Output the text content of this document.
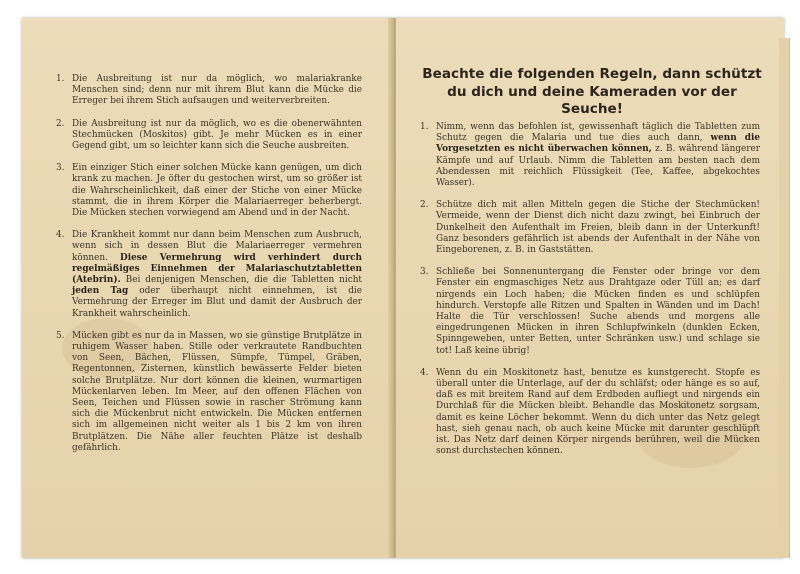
1. Die Ausbreitung ist nur da möglich, wo malariakranke Menschen sind; denn nur mit ihrem Blut kann die Mücke die Erreger bei ihrem Stich aufsaugen und weiterverbreiten.
2. Die Ausbreitung ist nur da möglich, wo es die obenerwähnten Stechmücken (Moskitos) gibt. Je mehr Mücken es in einer Gegend gibt, um so leichter kann sich die Seuche ausbreiten.
3. Ein einziger Stich einer solchen Mücke kann genügen, um dich krank zu machen. Je öfter du gestochen wirst, um so größer ist die Wahrscheinlichkeit, daß einer der Stiche von einer Mücke stammt, die in ihrem Körper die Malariaerreger beherbergt. Die Mücken stechen vorwiegend am Abend und in der Nacht.
4. Die Krankheit kommt nur dann beim Menschen zum Ausbruch, wenn sich in dessen Blut die Malariaerreger vermehren können. Diese Vermehrung wird verhindert durch regelmäßiges Einnehmen der Malariaschutztabletten (Atebrin). Bei denjenigen Menschen, die die Tabletten nicht jeden Tag oder überhaupt nicht einnehmen, ist die Vermehrung der Erreger im Blut und damit der Ausbruch der Krankheit wahrscheinlich.
5. Mücken gibt es nur da in Massen, wo sie günstige Brutplätze in ruhigem Wasser haben. Stille oder verkrautete Randbuchten von Seen, Bächen, Flüssen, Sümpfe, Tümpel, Gräben, Regentonnen, Zisternen, künstlich bewässerte Felder bieten solche Brutplätze. Nur dort können die kleinen, wurmartigen Mückenlarven leben. Im Meer, auf den offenen Flächen von Seen, Teichen und Flüssen sowie in rascher Strömung kann sich die Mückenbrut nicht entwickeln. Die Mücken entfernen sich im allgemeinen nicht weiter als 1 bis 2 km von ihren Brutplätzen. Die Nähe aller feuchten Plätze ist deshalb gefährlich.
Beachte die folgenden Regeln, dann schützt du dich und deine Kameraden vor der Seuche!
1. Nimm, wenn das befohlen ist, gewissenhaft täglich die Tabletten zum Schutz gegen die Malaria und tue dies auch dann, wenn die Vorgesetzten es nicht überwachen können, z. B. während längerer Kämpfe und auf Urlaub. Nimm die Tabletten am besten nach dem Abendessen mit reichlich Flüssigkeit (Tee, Kaffee, abgekochtes Wasser).
2. Schütze dich mit allen Mitteln gegen die Stiche der Stechmücken! Vermeide, wenn der Dienst dich nicht dazu zwingt, bei Einbruch der Dunkelheit den Aufenthalt im Freien, bleib dann in der Unterkunft! Ganz besonders gefährlich ist abends der Aufenthalt in der Nähe von Eingeborenen, z. B. in Gaststätten.
3. Schließe bei Sonnenuntergang die Fenster oder bringe vor dem Fenster ein engmaschiges Netz aus Drahtgaze oder Tüll an; es darf nirgends ein Loch haben; die Mücken finden es und schlüpfen hindurch. Verstopfe alle Ritzen und Spalten in Wänden und im Dach! Halte die Tür verschlossen! Suche abends und morgens alle eingedrungenen Mücken in ihren Schlupfwinkeln (dunklen Ecken, Spinngeweben, unter Betten, unter Schränken usw.) und schlage sie tot! Laß keine übrig!
4. Wenn du ein Moskitonetz hast, benutze es kunstgerecht. Stopfe es überall unter die Unterlage, auf der du schläfst; oder hänge es so auf, daß es mit breitem Rand auf dem Erdboden aufliegt und nirgends ein Durchlaß für die Mücken bleibt. Behandle das Moskitonetz sorgsam, damit es keine Löcher bekommt. Wenn du dich unter das Netz gelegt hast, sieh genau nach, ob auch keine Mücke mit darunter geschlüpft ist. Das Netz darf deinen Körper nirgends berühren, weil die Mücken sonst durchstechen können.
